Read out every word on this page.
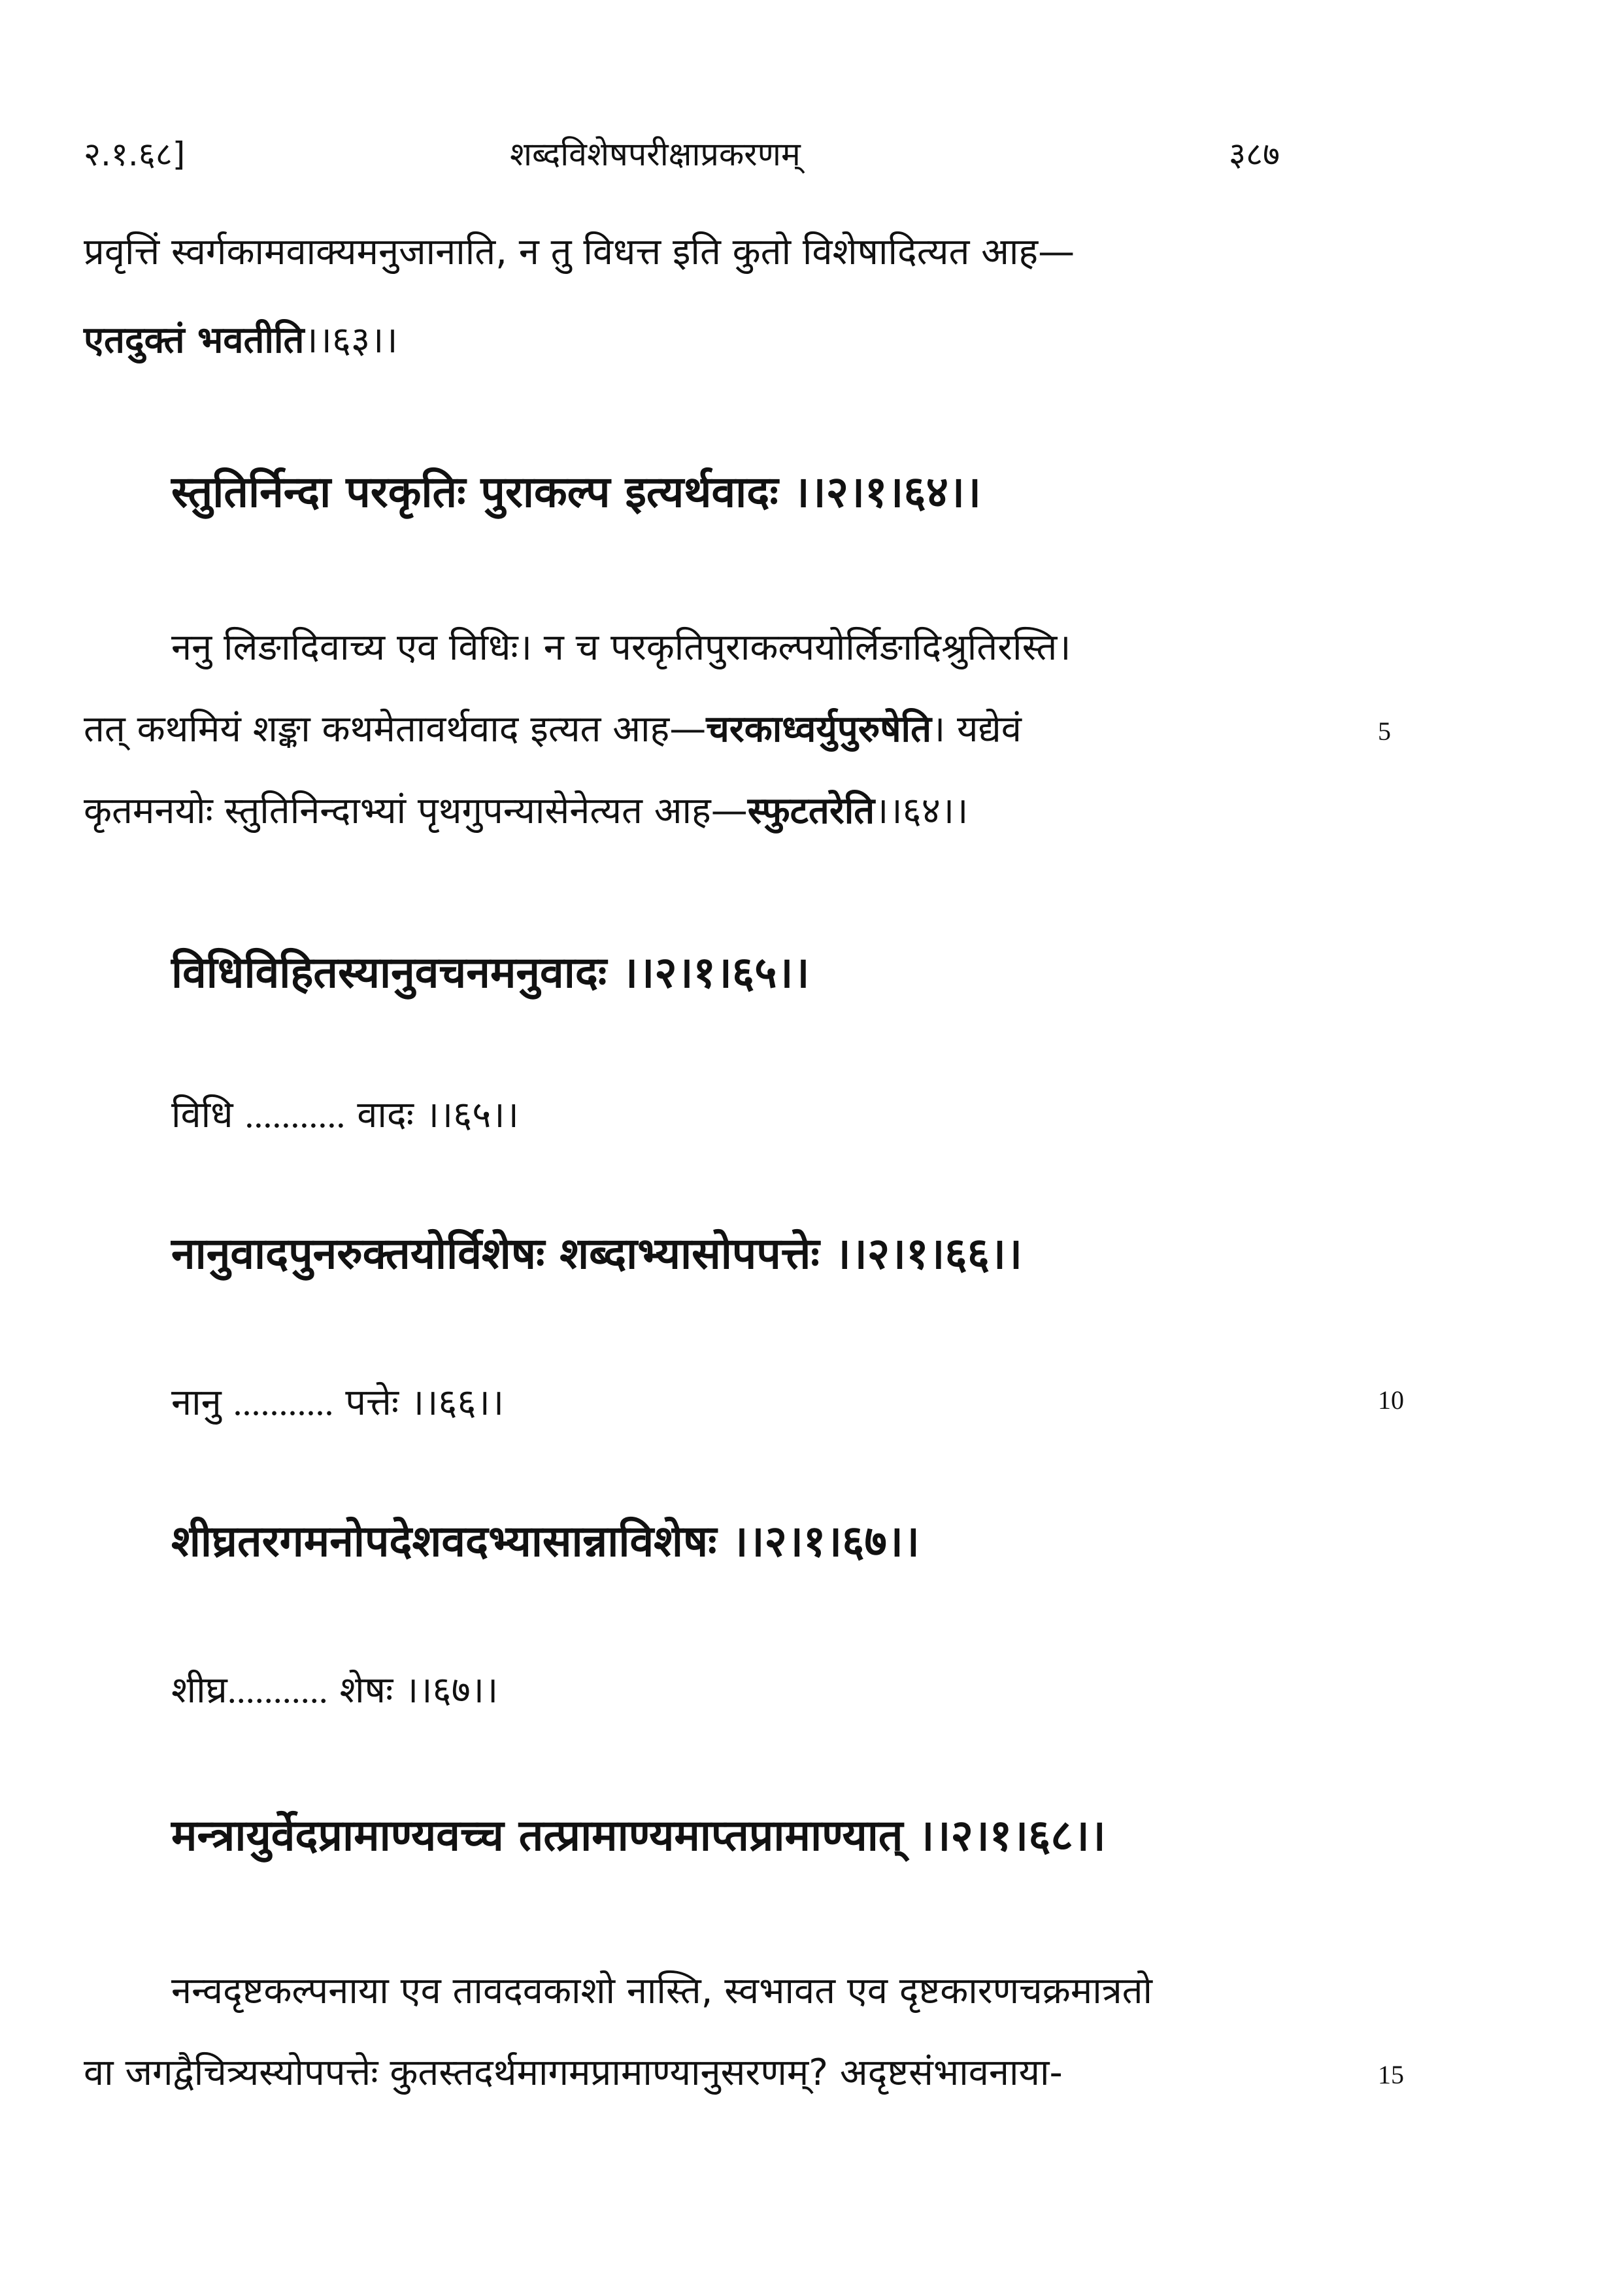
२.१.६८]	शब्दविशेषपरीक्षाप्रकरणम्	३८७
प्रवृत्तिं स्वर्गकामवाक्यमनुजानाति, न तु विधत्त इति कुतो विशेषादित्यत आह—
एतदुक्तं भवतीति।।६३।।
स्तुतिर्निन्दा परकृतिः पुराकल्प इत्यर्थवादः ।।२।१।६४।।
ननु लिङादिवाच्य एव विधिः। न च परकृतिपुराकल्पयोर्लिङादिश्रुतिरस्ति।
तत् कथमियं शङ्का कथमेतावर्थवाद इत्यत आह—चरकाध्वर्युपुरुषेति। यद्येवं	5
कृतमनयोः स्तुतिनिन्दाभ्यां पृथगुपन्यासेनेत्यत आह—स्फुटतरेति।।६४।।
विधिविहितस्यानुवचनमनुवादः ।।२।१।६५।।
विधि ........... वादः ।।६५।।
नानुवादपुनरुक्तयोर्विशेषः शब्दाभ्यासोपपत्तेः ।।२।१।६६।।
नानु ........... पत्तेः ।।६६।।	10
शीघ्रतरगमनोपदेशवदभ्यासान्नाविशेषः ।।२।१।६७।।
शीघ्र........... शेषः ।।६७।।
मन्त्रायुर्वेदप्रामाण्यवच्च तत्प्रामाण्यमाप्तप्रामाण्यात् ।।२।१।६८।।
नन्वदृष्टकल्पनाया एव तावदवकाशो नास्ति, स्वभावत एव दृष्टकारणचक्रमात्रतो
वा जगद्वैचित्र्यस्योपपत्तेः कुतस्तदर्थमागमप्रामाण्यानुसरणम्? अदृष्टसंभावनाया-	15
